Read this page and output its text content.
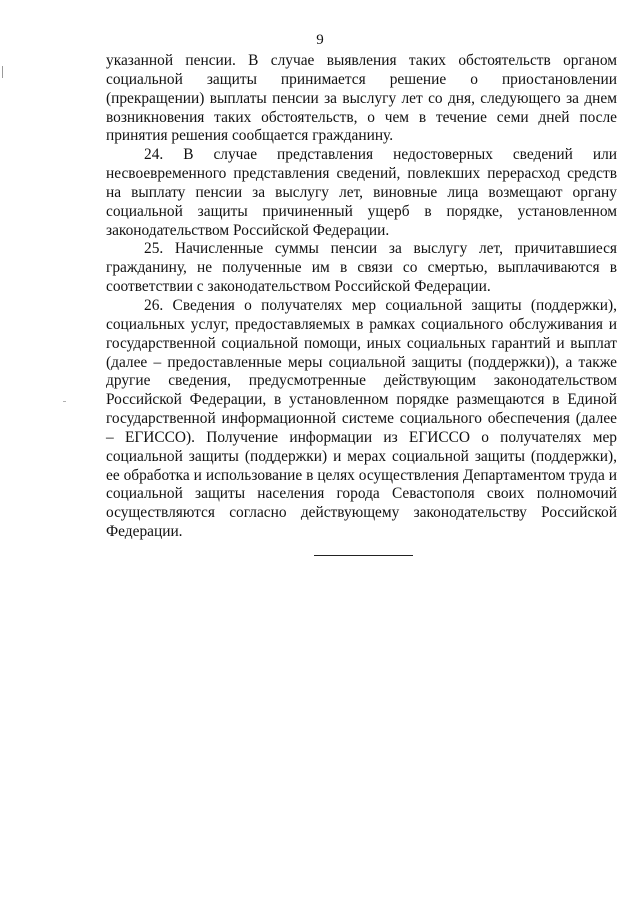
9

указанной пенсии. В случае выявления таких обстоятельств органом социальной защиты принимается решение о приостановлении (прекращении) выплаты пенсии за выслугу лет со дня, следующего за днем возникновения таких обстоятельств, о чем в течение семи дней после принятия решения сообщается гражданину.

24. В случае представления недостоверных сведений или несвоевременного представления сведений, повлекших перерасход средств на выплату пенсии за выслугу лет, виновные лица возмещают органу социальной защиты причиненный ущерб в порядке, установленном законодательством Российской Федерации.

25. Начисленные суммы пенсии за выслугу лет, причитавшиеся гражданину, не полученные им в связи со смертью, выплачиваются в соответствии с законодательством Российской Федерации.

26. Сведения о получателях мер социальной защиты (поддержки), социальных услуг, предоставляемых в рамках социального обслуживания и государственной социальной помощи, иных социальных гарантий и выплат (далее – предоставленные меры социальной защиты (поддержки)), а также другие сведения, предусмотренные действующим законодательством Российской Федерации, в установленном порядке размещаются в Единой государственной информационной системе социального обеспечения (далее – ЕГИССО). Получение информации из ЕГИССО о получателях мер социальной защиты (поддержки) и мерах социальной защиты (поддержки), ее обработка и использование в целях осуществления Департаментом труда и социальной защиты населения города Севастополя своих полномочий осуществляются согласно действующему законодательству Российской Федерации.
